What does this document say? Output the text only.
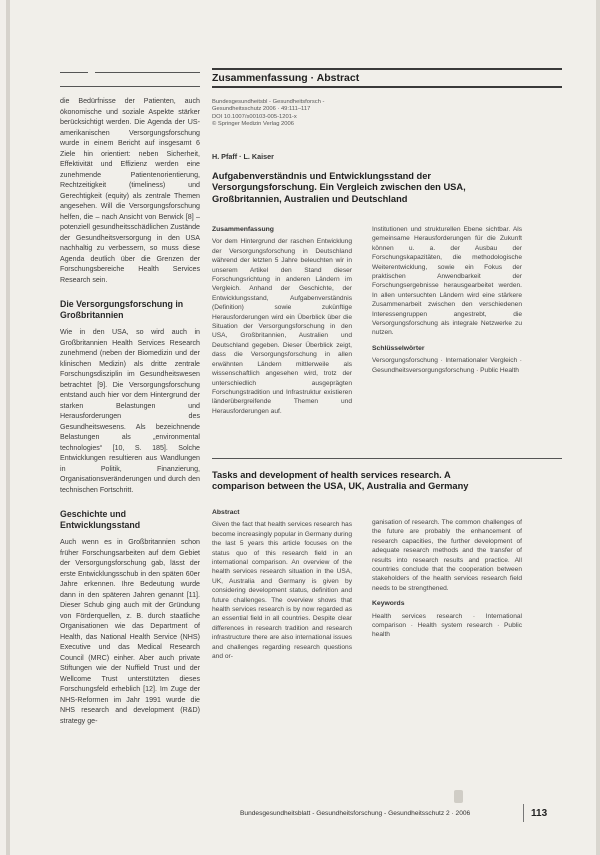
Zusammenfassung · Abstract

die Bedürfnisse der Patienten, auch ökonomische und soziale Aspekte stärker berücksichtigt werden. Die Agenda der US-amerikanischen Versorgungsforschung wurde in einem Bericht auf insgesamt 6 Ziele hin orientiert: neben Sicherheit, Effektivität und Effizienz werden eine zunehmende Patientenorientierung, Rechtzeitigkeit (timeliness) und Gerechtigkeit (equity) als zentrale Themen angesehen. Will die Versorgungsforschung helfen, die – nach Ansicht von Berwick [8] – potenziell gesundheitsschädlichen Zustände der Gesundheitsversorgung in den USA nachhaltig zu verbessern, so muss diese Agenda deutlich über die Grenzen der Forschungsbereiche Health Services Research sein.

Die Versorgungsforschung in Großbritannien

Wie in den USA, so wird auch in Großbritannien Health Services Research zunehmend (neben der Biomedizin und der klinischen Medizin) als dritte zentrale Forschungsdisziplin im Gesundheitswesen betrachtet [9]. Die Versorgungsforschung entstand auch hier vor dem Hintergrund der starken Belastungen und Herausforderungen des Gesundheitswesens. Als bezeichnende Belastungen als „environmental technologies“ [10, S. 185]. Solche Entwicklungen resultieren aus Wandlungen in Politik, Finanzierung, Organisationsveränderungen und durch den technischen Fortschritt.

Geschichte und Entwicklungsstand

Auch wenn es in Großbritannien schon früher Forschungsarbeiten auf dem Gebiet der Versorgungsforschung gab, lässt der erste Entwicklungsschub in den späten 60er Jahre erkennen. Ihre Bedeutung wurde dann in den späteren Jahren genannt [11]. Dieser Schub ging auch mit der Gründung von Förderquellen, z. B. durch staatliche Organisationen wie das Department of Health, das National Health Service (NHS) Executive und das Medical Research Council (MRC) einher. Aber auch private Stiftungen wie der Nuffield Trust und der Wellcome Trust unterstützten dieses Forschungsfeld erheblich [12]. Im Zuge der NHS-Reformen im Jahr 1991 wurde die NHS research and development (R&D) strategy ge-

Bundesgesundheitsbl - Gesundheitsforsch -
Gesundheitsschutz 2006 · 49:111–117
DOI 10.1007/s00103-005-1201-x
© Springer Medizin Verlag 2006
H. Pfaff · L. Kaiser
Aufgabenverständnis und Entwicklungsstand der Versorgungsforschung. Ein Vergleich zwischen den USA, Großbritannien, Australien und Deutschland
Zusammenfassung

Vor dem Hintergrund der raschen Entwicklung der Versorgungsforschung in Deutschland während der letzten 5 Jahre beleuchten wir in unserem Artikel den Stand dieser Forschungsrichtung in anderen Ländern im Vergleich. Anhand der Geschichte, der Entwicklungsstand, Aufgabenverständnis (Definition) sowie zukünftige Herausforderungen wird ein Überblick über die Situation der Versorgungsforschung in den USA, Großbritannien, Australien und Deutschland gegeben. Dieser Überblick zeigt, dass die Versorgungsforschung in allen erwähnten Ländern mittlerweile als wissenschaftlich angesehen wird, trotz der unterschiedlich ausgeprägten Forschungstradition und Infrastruktur existieren länderübergreifende Themen und Herausforderungen auf.

Institutionen und strukturellen Ebene sichtbar. Als gemeinsame Herausforderungen für die Zukunft können u. a. der Ausbau der Forschungskapazitäten, die methodologische Weiterentwicklung, sowie ein Fokus der praktischen Anwendbarkeit der Forschungsergebnisse herausgearbeitet werden. In allen untersuchten Ländern wird eine stärkere Zusammenarbeit zwischen den verschiedenen Interessengruppen angestrebt, die Versorgungsforschung als integrale Netzwerke zu nutzen.

Schlüsselwörter

Versorgungsforschung · Internationaler Vergleich · Gesundheitsversorgungsforschung · Public Health

Tasks and development of health services research. A comparison between the USA, UK, Australia and Germany
Abstract

Given the fact that health services research has become increasingly popular in Germany during the last 5 years this article focuses on the status quo of this research field in an international comparison. An overview of the health services research situation in the USA, UK, Australia and Germany is given by considering development status, definition and future challenges. The overview shows that health services research is by now regarded as an essential field in all countries. Despite clear differences in research tradition and research infrastructure there are also international issues and challenges regarding research questions and or-

ganisation of research. The common challenges of the future are probably the enhancement of research capacities, the further development of adequate research methods and the transfer of results into research results and practice. All countries conclude that the cooperation between stakeholders of the health services research field needs to be strengthened.

Keywords

Health services research · International comparison · Health system research · Public health

Bundesgesundheitsblatt - Gesundheitsforschung - Gesundheitsschutz 2 · 2006	113
